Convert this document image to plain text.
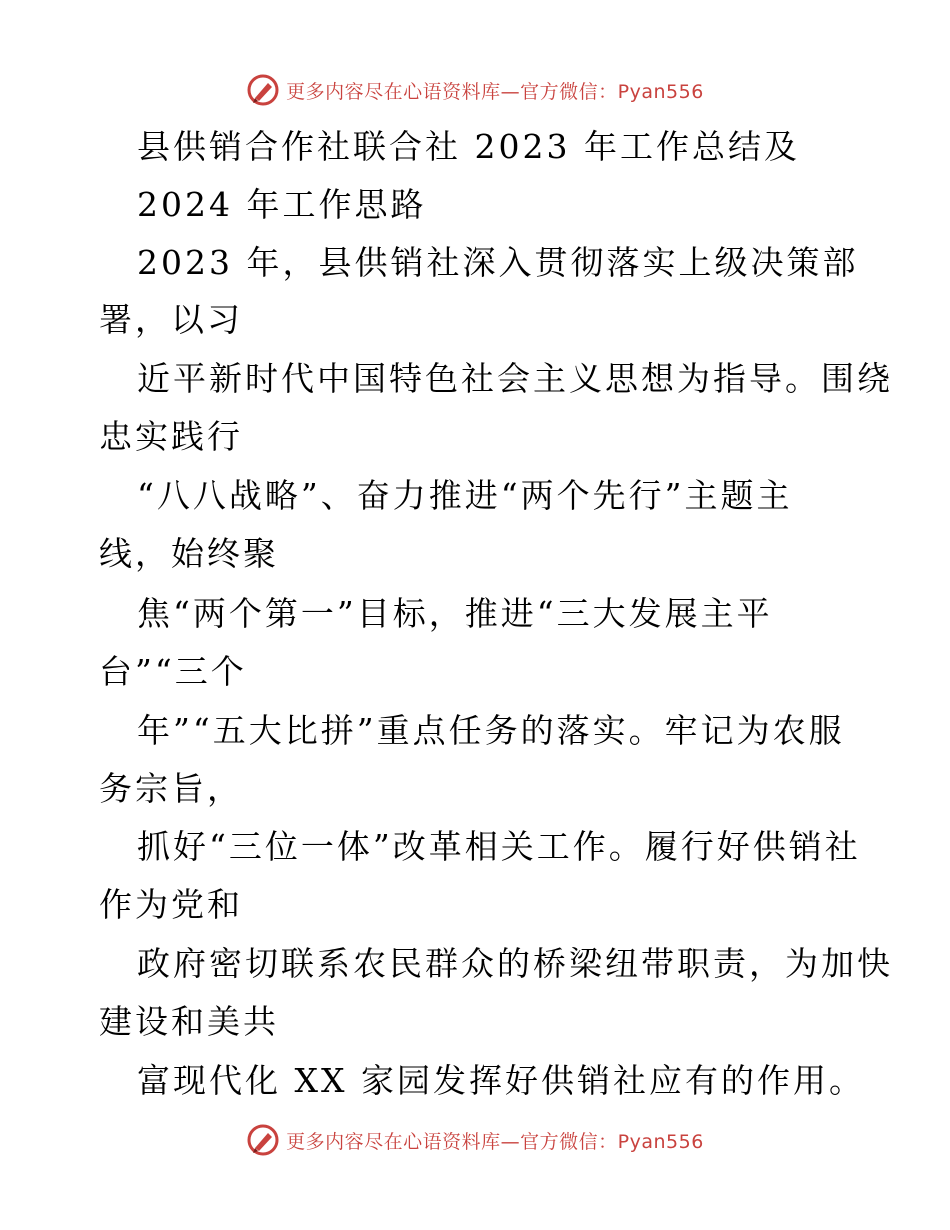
更多内容尽在心语资料库—官方微信：Pyan556
县供销合作社联合社 2023 年工作总结及
2024 年工作思路
2023 年，县供销社深入贯彻落实上级决策部
署，以习
近平新时代中国特色社会主义思想为指导。围绕
忠实践行
“八八战略”、奋力推进“两个先行”主题主
线，始终聚
焦“两个第一”目标，推进“三大发展主平
台”“三个
年”“五大比拼”重点任务的落实。牢记为农服
务宗旨，
抓好“三位一体”改革相关工作。履行好供销社
作为党和
政府密切联系农民群众的桥梁纽带职责，为加快
建设和美共
富现代化 XX 家园发挥好供销社应有的作用。
更多内容尽在心语资料库—官方微信：Pyan556
